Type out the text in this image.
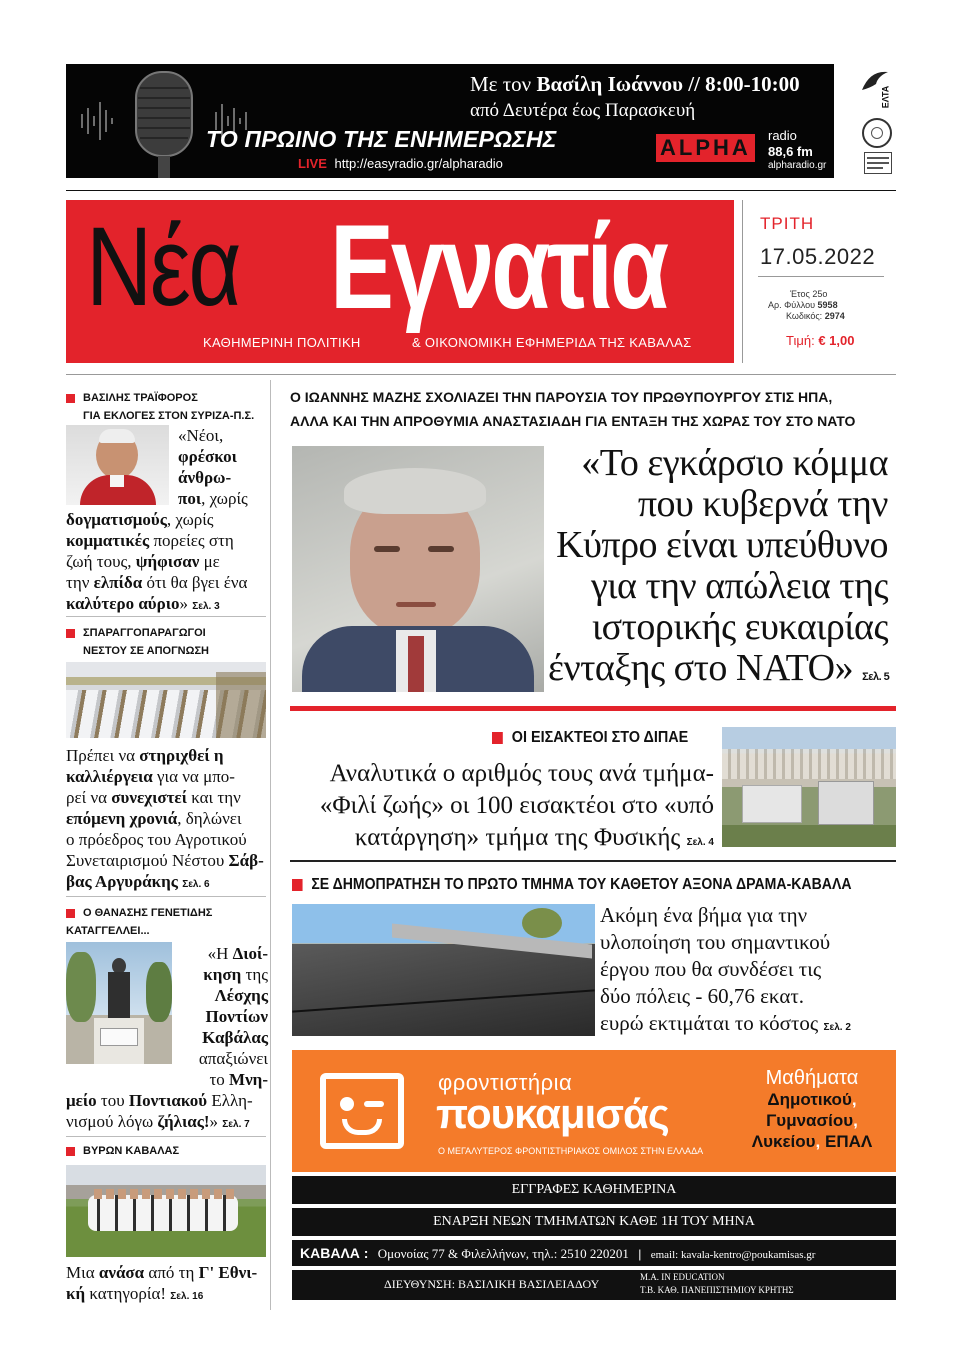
Με τον Βασίλη Ιωάννου // 8:00-10:00
από Δευτέρα έως Παρασκευή
ΤΟ ΠΡΩΙΝΟ ΤΗΣ ΕΝΗΜΕΡΩΣΗΣ
LIVE http://easyradio.gr/alpharadio
ALPHA	radio
88,6 fm
alpharadio.gr
ΕΛΤΑ
Νέα Εγνατία
ΚΑΘΗΜΕΡΙΝΗ ΠΟΛΙΤΙΚΗ	& ΟΙΚΟΝΟΜΙΚΗ ΕΦΗΜΕΡΙΔΑ ΤΗΣ ΚΑΒΑΛΑΣ
ΤΡΙΤΗ
17.05.2022
Έτος 25ο
Αρ. Φύλλου 5958
Κωδικός: 2974
Τιμή: € 1,00
ΒΑΣΙΛΗΣ ΤΡΑΪΦΟΡΟΣ
ΓΙΑ ΕΚΛΟΓΕΣ ΣΤΟΝ ΣΥΡΙΖΑ-Π.Σ.
«Νέοι,
φρέσκοι
άνθρω-
ποι, χωρίς
δογματισμούς, χωρίς
κομματικές πορείες στη
ζωή τους, ψήφισαν με
την ελπίδα ότι θα βγει ένα
καλύτερο αύριο» Σελ. 3
ΣΠΑΡΑΓΓΟΠΑΡΑΓΩΓΟΙ
ΝΕΣΤΟΥ ΣΕ ΑΠΟΓΝΩΣΗ
Πρέπει να στηριχθεί η
καλλιέργεια για να μπο-
ρεί να συνεχιστεί και την
επόμενη χρονιά, δηλώνει
ο πρόεδρος του Αγροτικού
Συνεταιρισμού Νέστου Σάβ-
βας Αργυράκης Σελ. 6
Ο ΘΑΝΑΣΗΣ ΓΕΝΕΤΙΔΗΣ
ΚΑΤΑΓΓΕΛΛΕΙ...
«Η Διοί-
κηση της
Λέσχης
Ποντίων
Καβάλας
απαξιώνει
το Μνη-
μείο του Ποντιακού Ελλη-
νισμού λόγω ζήλιας!» Σελ. 7
ΒΥΡΩΝ ΚΑΒΑΛΑΣ
Μια ανάσα από τη Γ' Εθνι-
κή κατηγορία! Σελ. 16
Ο ΙΩΑΝΝΗΣ ΜΑΖΗΣ ΣΧΟΛΙΑΖΕΙ ΤΗΝ ΠΑΡΟΥΣΙΑ ΤΟΥ ΠΡΩΘΥΠΟΥΡΓΟΥ ΣΤΙΣ ΗΠΑ,
ΑΛΛΑ ΚΑΙ ΤΗΝ ΑΠΡΟΘΥΜΙΑ ΑΝΑΣΤΑΣΙΑΔΗ ΓΙΑ ΕΝΤΑΞΗ ΤΗΣ ΧΩΡΑΣ ΤΟΥ ΣΤΟ ΝΑΤΟ
«Το εγκάρσιο κόμμα
που κυβερνά την
Κύπρο είναι υπεύθυνο
για την απώλεια της
ιστορικής ευκαιρίας
ένταξης στο ΝΑΤΟ» Σελ. 5
ΟΙ ΕΙΣΑΚΤΕΟΙ ΣΤΟ ΔΙΠΑΕ
Αναλυτικά ο αριθμός τους ανά τμήμα-
«Φιλί ζωής» οι 100 εισακτέοι στο «υπό
κατάργηση» τμήμα της Φυσικής Σελ. 4
ΣΕ ΔΗΜΟΠΡΑΤΗΣΗ ΤΟ ΠΡΩΤΟ ΤΜΗΜΑ ΤΟΥ ΚΑΘΕΤΟΥ ΑΞΟΝΑ ΔΡΑΜΑ-ΚΑΒΑΛΑ
Ακόμη ένα βήμα για την
υλοποίηση του σημαντικού
έργου που θα συνδέσει τις
δύο πόλεις - 60,76 εκατ.
ευρώ εκτιμάται το κόστος Σελ. 2
φροντιστήρια
πουκαμισάς
Ο ΜΕΓΑΛΥΤΕΡΟΣ ΦΡΟΝΤΙΣΤΗΡΙΑΚΟΣ ΟΜΙΛΟΣ ΣΤΗΝ ΕΛΛΑΔΑ
Μαθήματα
Δημοτικού,
Γυμνασίου,
Λυκείου, ΕΠΑΛ
ΕΓΓΡΑΦΕΣ ΚΑΘΗΜΕΡΙΝΑ
ΕΝΑΡΞΗ ΝΕΩΝ ΤΜΗΜΑΤΩΝ ΚΑΘΕ 1Η ΤΟΥ ΜΗΝΑ
ΚΑΒΑΛΑ : Ομονοίας 77 & Φιλελλήνων, τηλ.: 2510 220201 | email: kavala-kentro@poukamisas.gr
ΔΙΕΥΘΥΝΣΗ: ΒΑΣΙΛΙΚΗ ΒΑΣΙΛΕΙΑΔΟΥ	M.A. IN EDUCATION
Τ.Β. ΚΑΘ. ΠΑΝΕΠΙΣΤΗΜΙΟΥ ΚΡΗΤΗΣ
